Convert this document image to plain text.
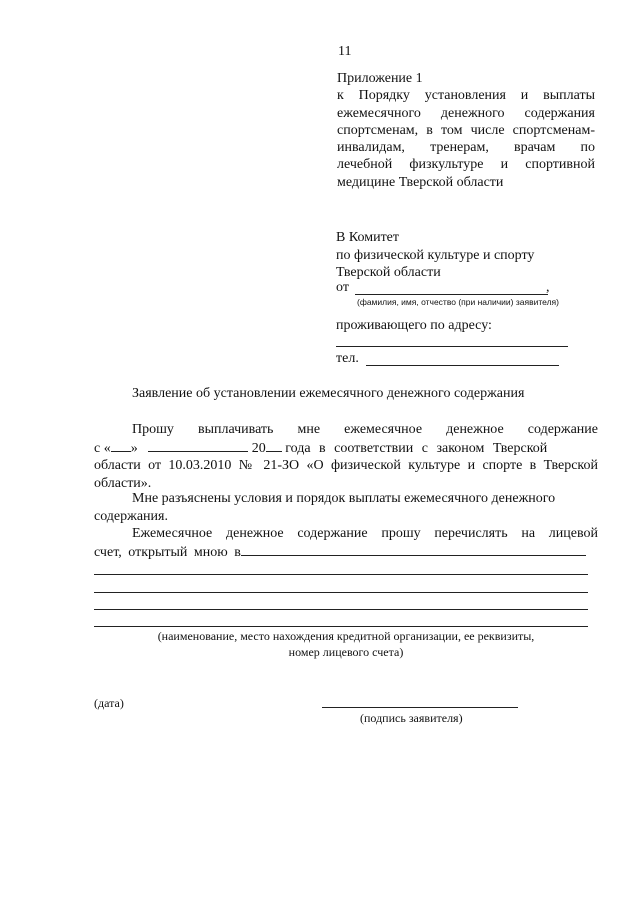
11
Приложение 1
к Порядку установления и выплаты
ежемесячного денежного содержания
спортсменам, в том числе спортсменам-
инвалидам, тренерам, врачам по
лечебной физкультуре и спортивной
медицине Тверской области
В Комитет
по физической культуре и спорту
Тверской области
от	,
(фамилия, имя, отчество (при наличии) заявителя)
проживающего по адресу:
тел.
Заявление об установлении ежемесячного денежного содержания
Прошу выплачивать мне ежемесячное денежное содержание
с « »	20 года в соответствии с законом Тверской
области от 10.03.2010 № 21-ЗО «О физической культуре и спорте в Тверской
области».
Мне разъяснены условия и порядок выплаты ежемесячного денежного
содержания.
Ежемесячное денежное содержание прошу перечислять на лицевой
счет, открытый мною в
(наименование, место нахождения кредитной организации, ее реквизиты,
номер лицевого счета)
(дата)
(подпись заявителя)
